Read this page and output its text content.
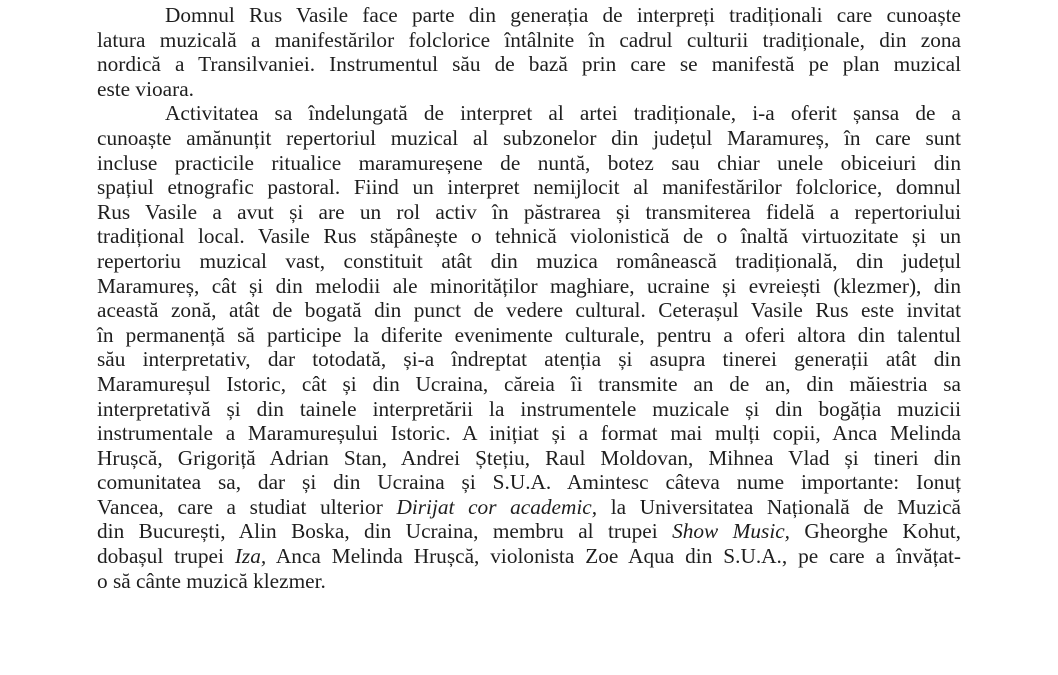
Domnul Rus Vasile face parte din generația de interpreți tradiționali care cunoaște
latura muzicală a manifestărilor folclorice întâlnite în cadrul culturii tradiționale, din zona
nordică a Transilvaniei. Instrumentul său de bază prin care se manifestă pe plan muzical
este vioara.
Activitatea sa îndelungată de interpret al artei tradiționale, i-a oferit șansa de a
cunoaște amănunțit repertoriul muzical al subzonelor din județul Maramureș, în care sunt
incluse practicile ritualice maramureșene de nuntă, botez sau chiar unele obiceiuri din
spațiul etnografic pastoral. Fiind un interpret nemijlocit al manifestărilor folclorice, domnul
Rus Vasile a avut și are un rol activ în păstrarea și transmiterea fidelă a repertoriului
tradițional local. Vasile Rus stăpânește o tehnică violonistică de o înaltă virtuozitate și un
repertoriu muzical vast, constituit atât din muzica românească tradițională, din județul
Maramureș, cât și din melodii ale minorităților maghiare, ucraine și evreiești (klezmer), din
această zonă, atât de bogată din punct de vedere cultural. Ceterașul Vasile Rus este invitat
în permanență să participe la diferite evenimente culturale, pentru a oferi altora din talentul
său interpretativ, dar totodată, și-a îndreptat atenția și asupra tinerei generații atât din
Maramureșul Istoric, cât și din Ucraina, căreia îi transmite an de an, din măiestria sa
interpretativă și din tainele interpretării la instrumentele muzicale și din bogăția muzicii
instrumentale a Maramureșului Istoric. A inițiat și a format mai mulți copii, Anca Melinda
Hrușcă, Grigoriță Adrian Stan, Andrei Ștețiu, Raul Moldovan, Mihnea Vlad și tineri din
comunitatea sa, dar și din Ucraina și S.U.A. Amintesc câteva nume importante: Ionuț
Vancea, care a studiat ulterior Dirijat cor academic, la Universitatea Națională de Muzică
din București, Alin Boska, din Ucraina, membru al trupei Show Music, Gheorghe Kohut,
dobașul trupei Iza, Anca Melinda Hrușcă, violonista Zoe Aqua din S.U.A., pe care a învățat-
o să cânte muzică klezmer.
